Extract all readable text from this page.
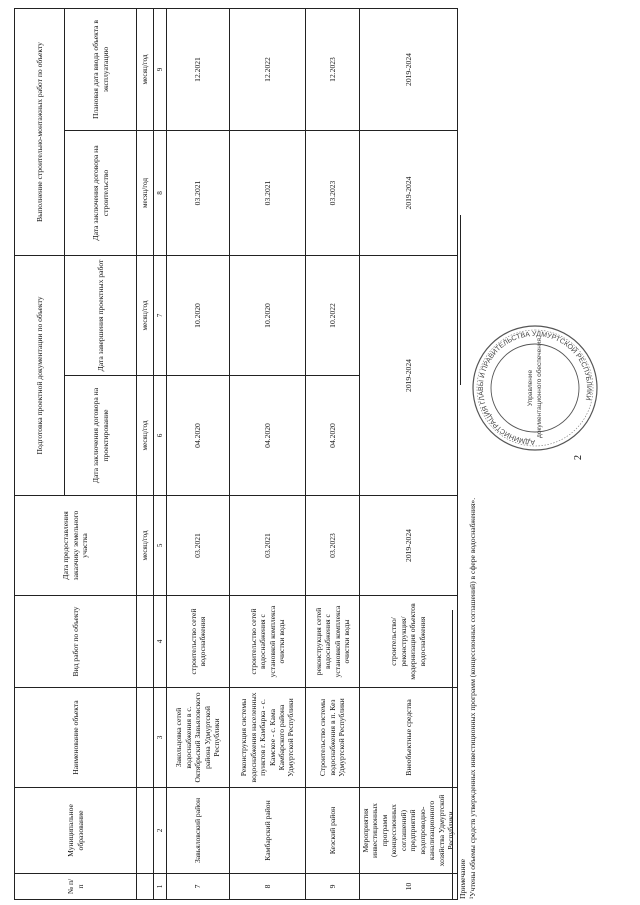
2
№ п/п	Муниципальное образование	Наименование объекта	Вид работ по объекту	Дата предоставления заказчику земельного участка	Подготовка проектной документации по объекту		Выполнение строительно-монтажных работ по объекту	
					Дата заключения договора на проектирование	Дата завершения проектных работ	Дата заключения договора на строительство	Плановая дата ввода объекта в эксплуатацию
				месяц/год	месяц/год	месяц/год	месяц/год	месяц/год
1	2	3	4	5	6	7	8	9
7	Завьяловский район	Закольцовка сетей водоснабжения в с. Октябрьский Завьяловского района Удмуртской Республики	строительство сетей водоснабжения	03.2021	04.2020	10.2020	03.2021	12.2021
8	Камбарский район	Реконструкция системы водоснабжения населенных пунктов г. Камбарка - с. Камское - с. Кама Камбарского района Удмуртской Республики	строительство сетей водоснабжения с установкой комплекса очистки воды	03.2021	04.2020	10.2020	03.2021	12.2022
9	Кезский район	Строительство системы водоснабжения в п. Кез Удмуртской Республики	реконструкция сетей водоснабжения с установкой комплекса очистки воды	03.2023	04.2020	10.2022	03.2023	12.2023
10	Мероприятия инвестиционных программ (концессионных соглашений) предприятий водопроводно-канализационного хозяйства Удмуртской Республики	Внеобъектные средства	строительство/ реконструкция/ модернизация объектов водоснабжения	2019-2024	2019-2024		2019-2024	2019-2024
Примечание ¹Учтены объемы средств утвержденных инвестиционных программ (концессионных соглашений) в сфере водоснабжения».
АДМИНИСТРАЦИЯ ГЛАВЫ И ПРАВИТЕЛЬСТВА УДМУРТСКОЙ РЕСПУБЛИКИ
Управление документационного обеспечения
